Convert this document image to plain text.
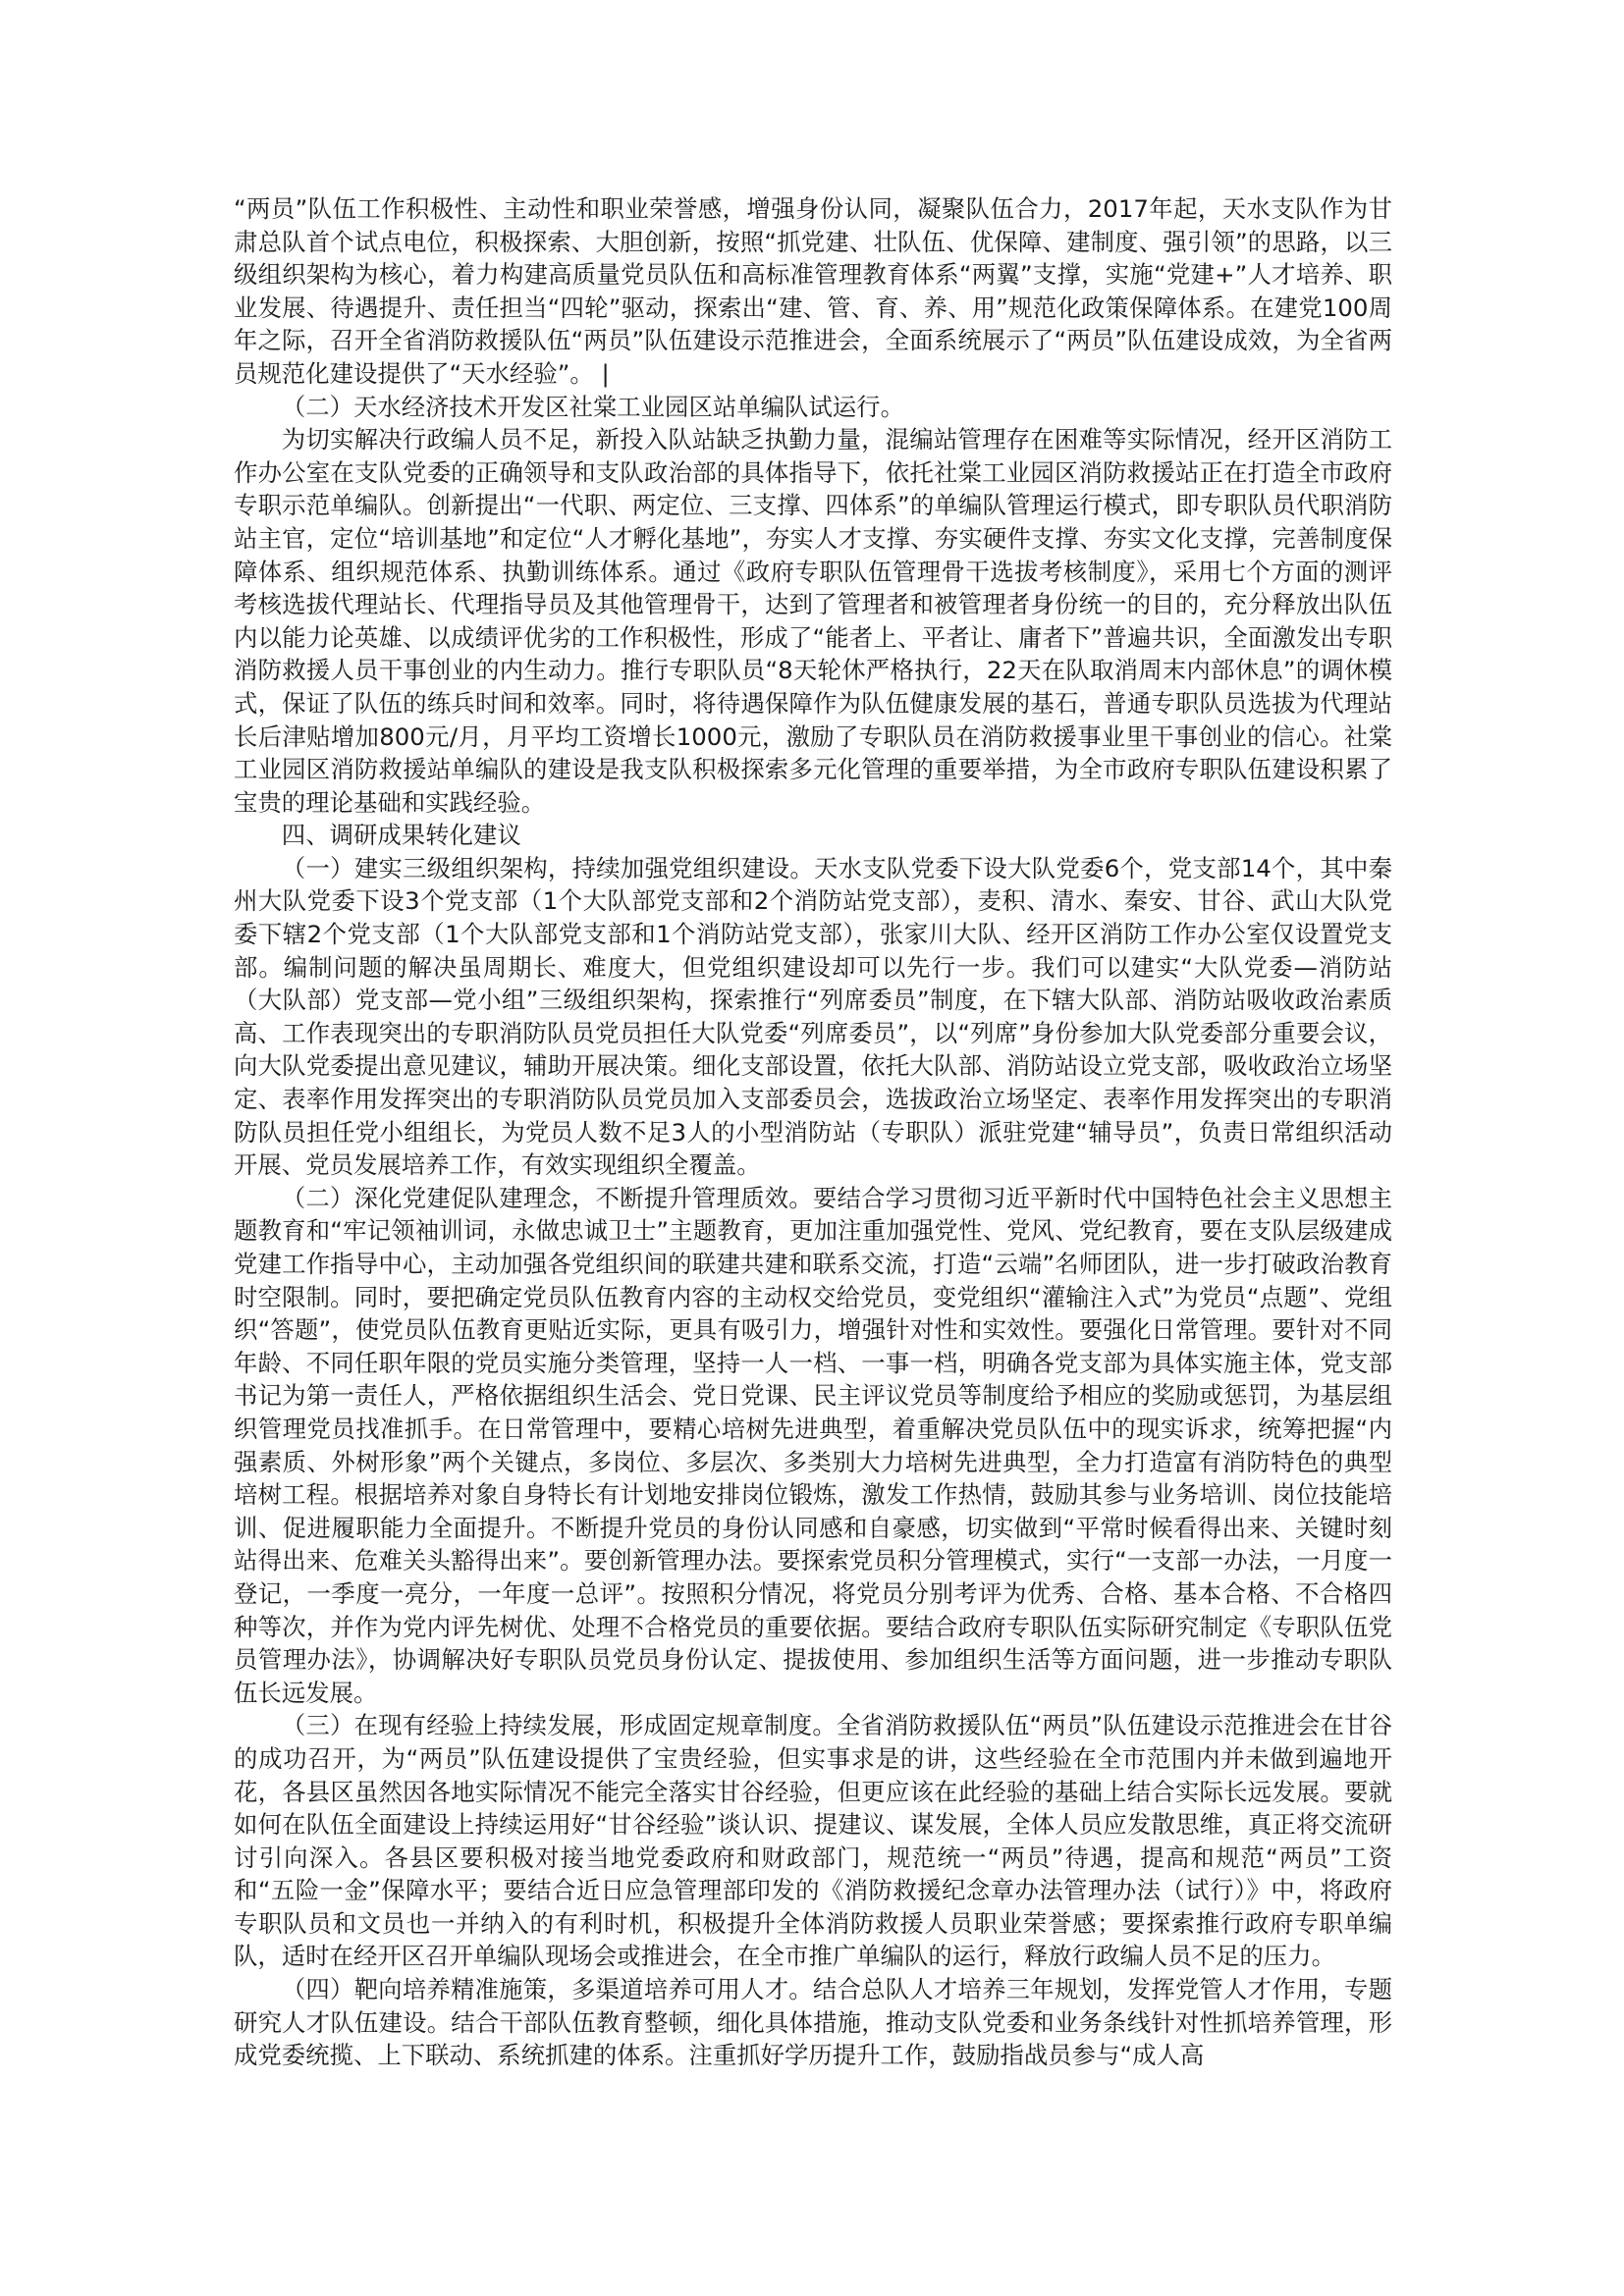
“两员”队伍工作积极性、主动性和职业荣誉感，增强身份认同，凝聚队伍合力，2017年起，天水支队作为甘肃总队首个试点电位，积极探索、大胆创新，按照“抓党建、壮队伍、优保障、建制度、强引领”的思路，以三级组织架构为核心，着力构建高质量党员队伍和高标准管理教育体系“两翼”支撑，实施“党建+”人才培养、职业发展、待遇提升、责任担当“四轮”驱动，探索出“建、管、育、养、用”规范化政策保障体系。在建党100周年之际，召开全省消防救援队伍“两员”队伍建设示范推进会，全面系统展示了“两员”队伍建设成效，为全省两员规范化建设提供了“天水经验”。 |

（二）天水经济技术开发区社棠工业园区站单编队试运行。

为切实解决行政编人员不足，新投入队站缺乏执勤力量，混编站管理存在困难等实际情况，经开区消防工作办公室在支队党委的正确领导和支队政治部的具体指导下，依托社棠工业园区消防救援站正在打造全市政府专职示范单编队。创新提出“一代职、两定位、三支撑、四体系”的单编队管理运行模式，即专职队员代职消防站主官，定位“培训基地”和定位“人才孵化基地”，夯实人才支撑、夯实硬件支撑、夯实文化支撑，完善制度保障体系、组织规范体系、执勤训练体系。通过《政府专职队伍管理骨干选拔考核制度》，采用七个方面的测评考核选拔代理站长、代理指导员及其他管理骨干，达到了管理者和被管理者身份统一的目的，充分释放出队伍内以能力论英雄、以成绩评优劣的工作积极性，形成了“能者上、平者让、庸者下”普遍共识，全面激发出专职消防救援人员干事创业的内生动力。推行专职队员“8天轮休严格执行，22天在队取消周末内部休息”的调休模式，保证了队伍的练兵时间和效率。同时，将待遇保障作为队伍健康发展的基石，普通专职队员选拔为代理站长后津贴增加800元/月，月平均工资增长1000元，激励了专职队员在消防救援事业里干事创业的信心。社棠工业园区消防救援站单编队的建设是我支队积极探索多元化管理的重要举措，为全市政府专职队伍建设积累了宝贵的理论基础和实践经验。

四、调研成果转化建议

（一）建实三级组织架构，持续加强党组织建设。天水支队党委下设大队党委6个，党支部14个，其中秦州大队党委下设3个党支部（1个大队部党支部和2个消防站党支部），麦积、清水、秦安、甘谷、武山大队党委下辖2个党支部（1个大队部党支部和1个消防站党支部），张家川大队、经开区消防工作办公室仅设置党支部。编制问题的解决虽周期长、难度大，但党组织建设却可以先行一步。我们可以建实“大队党委—消防站（大队部）党支部—党小组”三级组织架构，探索推行“列席委员”制度，在下辖大队部、消防站吸收政治素质高、工作表现突出的专职消防队员党员担任大队党委“列席委员”，以“列席”身份参加大队党委部分重要会议，向大队党委提出意见建议，辅助开展决策。细化支部设置，依托大队部、消防站设立党支部，吸收政治立场坚定、表率作用发挥突出的专职消防队员党员加入支部委员会，选拔政治立场坚定、表率作用发挥突出的专职消防队员担任党小组组长，为党员人数不足3人的小型消防站（专职队）派驻党建“辅导员”，负责日常组织活动开展、党员发展培养工作，有效实现组织全覆盖。

（二）深化党建促队建理念，不断提升管理质效。要结合学习贯彻习近平新时代中国特色社会主义思想主题教育和“牢记领袖训词，永做忠诚卫士”主题教育，更加注重加强党性、党风、党纪教育，要在支队层级建成党建工作指导中心，主动加强各党组织间的联建共建和联系交流，打造“云端”名师团队，进一步打破政治教育时空限制。同时，要把确定党员队伍教育内容的主动权交给党员，变党组织“灌输注入式”为党员“点题”、党组织“答题”，使党员队伍教育更贴近实际，更具有吸引力，增强针对性和实效性。要强化日常管理。要针对不同年龄、不同任职年限的党员实施分类管理，坚持一人一档、一事一档，明确各党支部为具体实施主体，党支部书记为第一责任人，严格依据组织生活会、党日党课、民主评议党员等制度给予相应的奖励或惩罚，为基层组织管理党员找准抓手。在日常管理中，要精心培树先进典型，着重解决党员队伍中的现实诉求，统筹把握“内强素质、外树形象”两个关键点，多岗位、多层次、多类别大力培树先进典型，全力打造富有消防特色的典型培树工程。根据培养对象自身特长有计划地安排岗位锻炼，激发工作热情，鼓励其参与业务培训、岗位技能培训、促进履职能力全面提升。不断提升党员的身份认同感和自豪感，切实做到“平常时候看得出来、关键时刻站得出来、危难关头豁得出来”。要创新管理办法。要探索党员积分管理模式，实行“一支部一办法，一月度一登记，一季度一亮分，一年度一总评”。按照积分情况，将党员分别考评为优秀、合格、基本合格、不合格四种等次，并作为党内评先树优、处理不合格党员的重要依据。要结合政府专职队伍实际研究制定《专职队伍党员管理办法》，协调解决好专职队员党员身份认定、提拔使用、参加组织生活等方面问题，进一步推动专职队伍长远发展。

（三）在现有经验上持续发展，形成固定规章制度。全省消防救援队伍“两员”队伍建设示范推进会在甘谷的成功召开，为“两员”队伍建设提供了宝贵经验，但实事求是的讲，这些经验在全市范围内并未做到遍地开花，各县区虽然因各地实际情况不能完全落实甘谷经验，但更应该在此经验的基础上结合实际长远发展。要就如何在队伍全面建设上持续运用好“甘谷经验”谈认识、提建议、谋发展，全体人员应发散思维，真正将交流研讨引向深入。各县区要积极对接当地党委政府和财政部门，规范统一“两员”待遇，提高和规范“两员”工资和“五险一金”保障水平；要结合近日应急管理部印发的《消防救援纪念章办法管理办法（试行）》中，将政府专职队员和文员也一并纳入的有利时机，积极提升全体消防救援人员职业荣誉感；要探索推行政府专职单编队，适时在经开区召开单编队现场会或推进会，在全市推广单编队的运行，释放行政编人员不足的压力。

（四）靶向培养精准施策，多渠道培养可用人才。结合总队人才培养三年规划，发挥党管人才作用，专题研究人才队伍建设。结合干部队伍教育整顿，细化具体措施，推动支队党委和业务条线针对性抓培养管理，形成党委统揽、上下联动、系统抓建的体系。注重抓好学历提升工作，鼓励指战员参与“成人高
